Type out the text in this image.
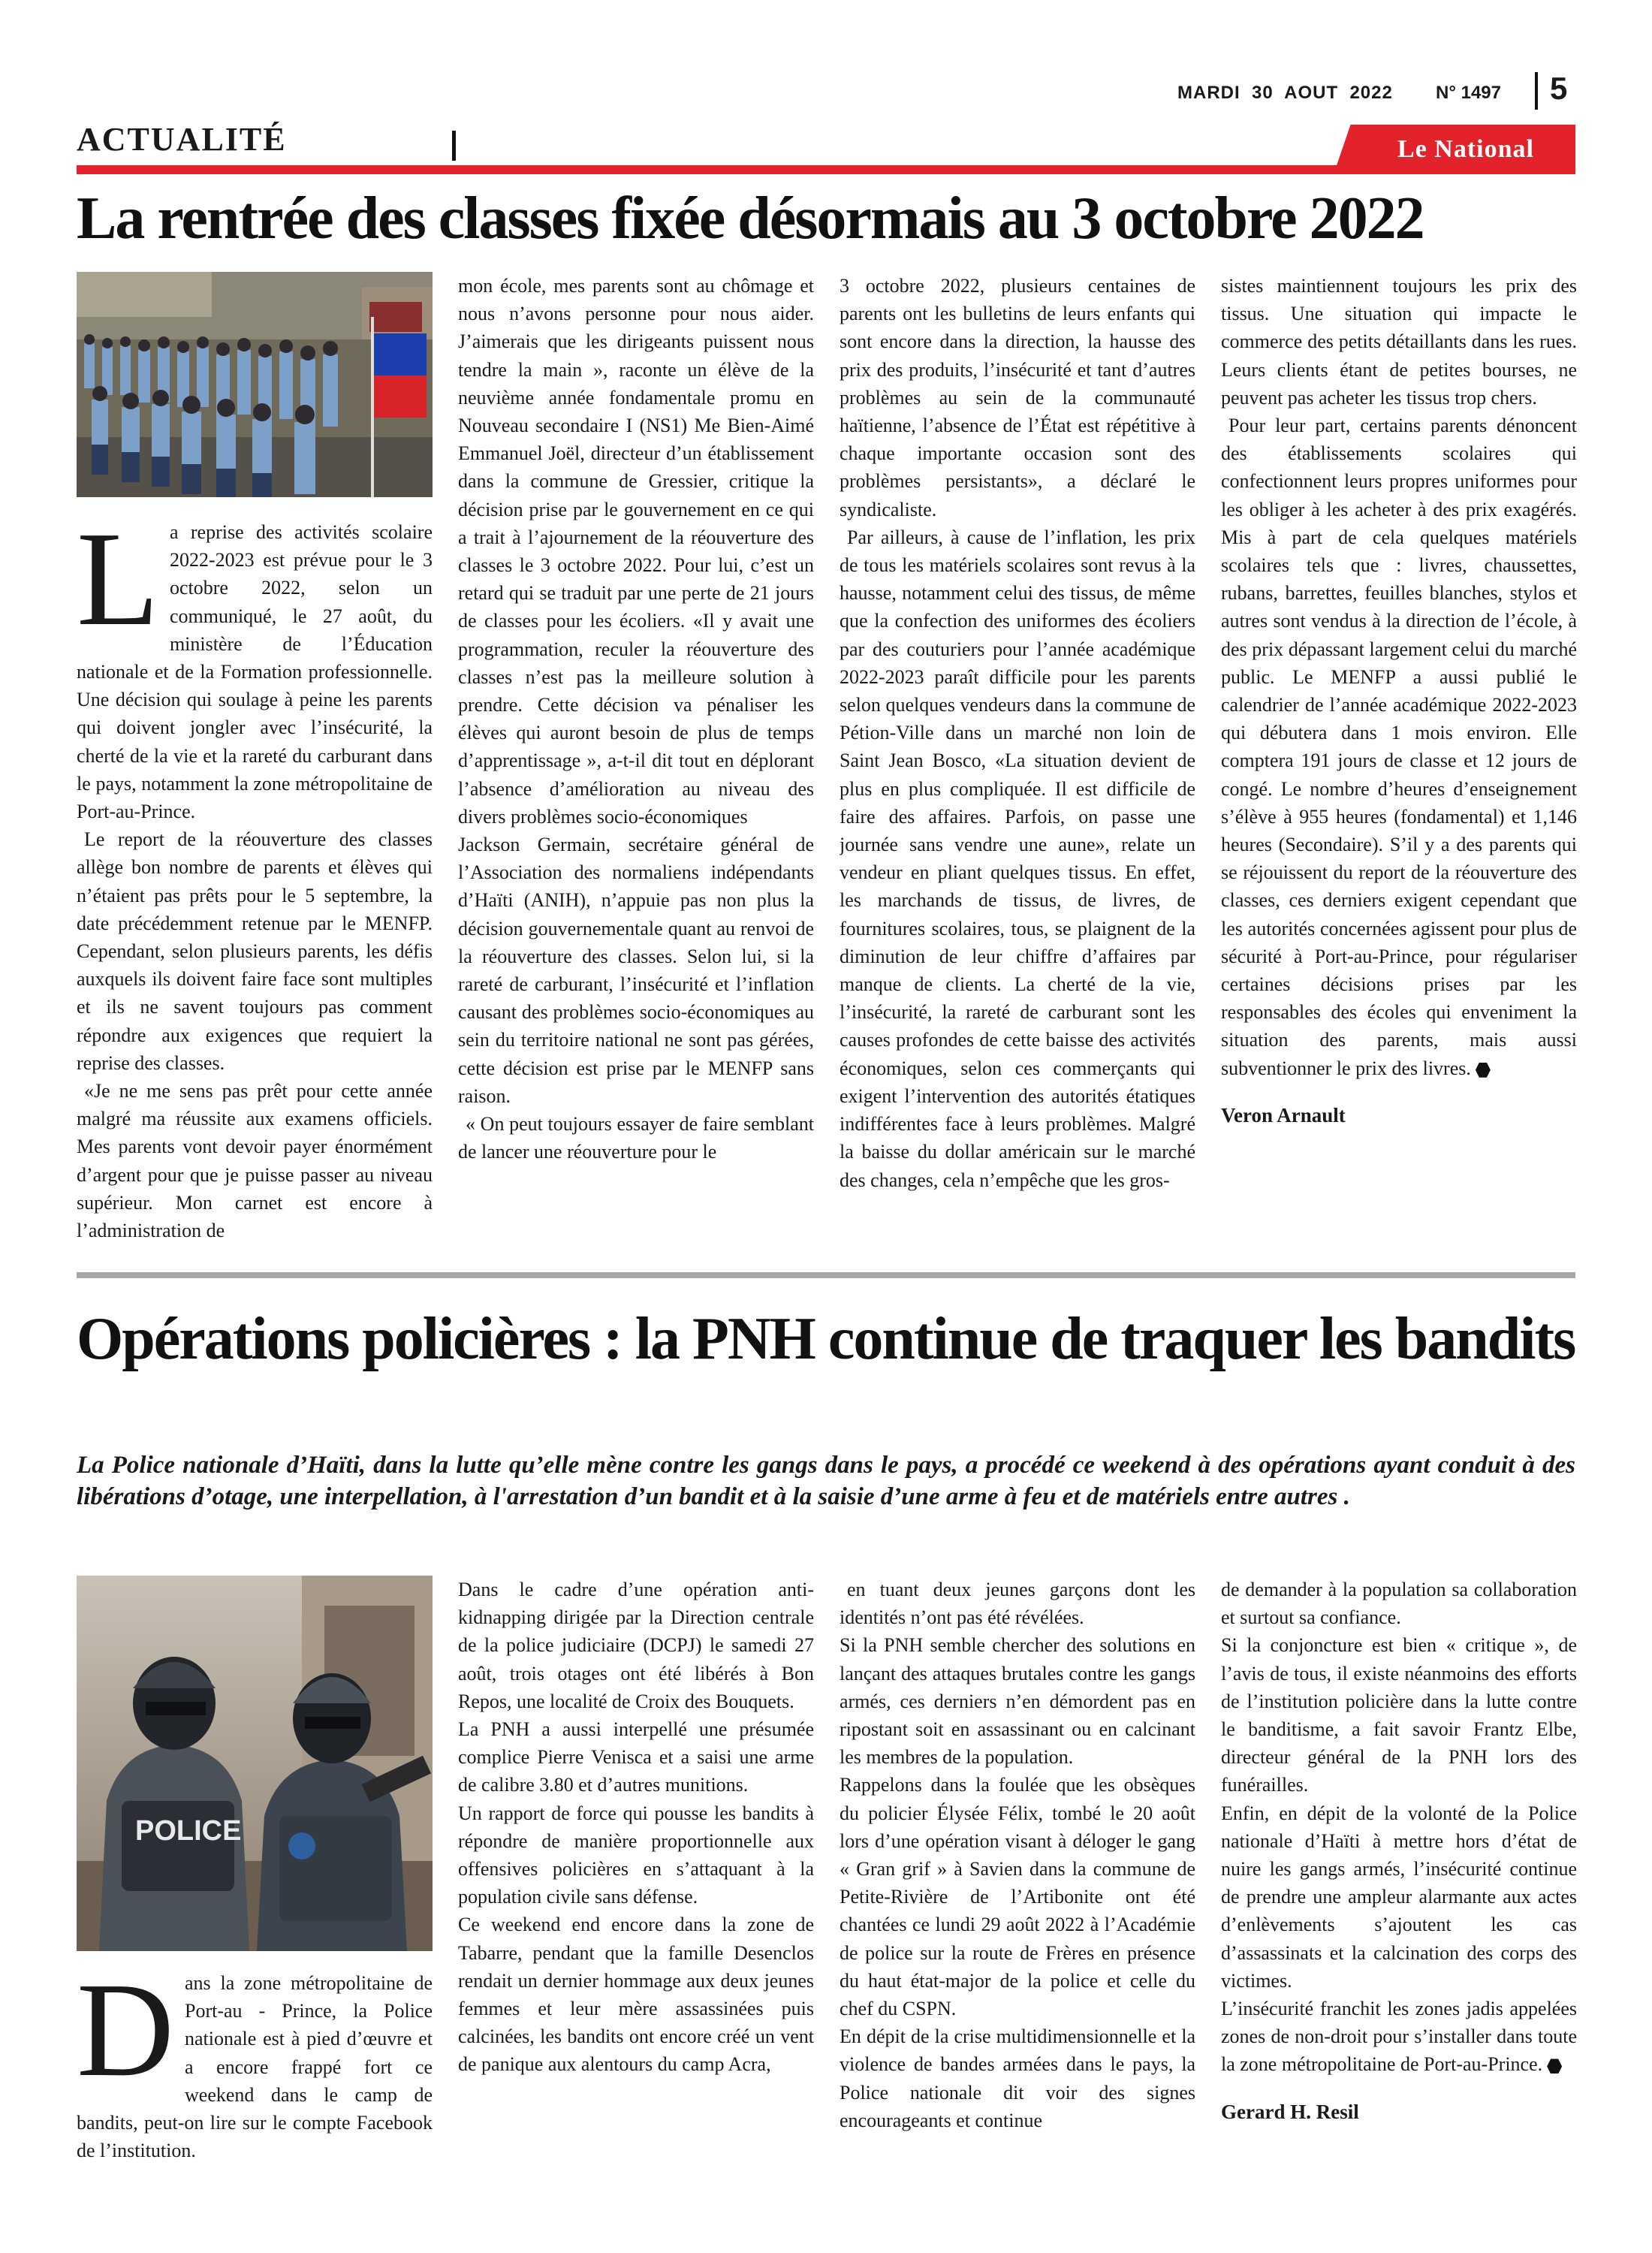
MARDI  30  AOUT  2022 N° 1497 5
ACTUALITÉ	Le National
La rentrée des classes fixée désormais au 3 octobre 2022
L a reprise des activités scolaire 2022-2023 est prévue pour le 3 octobre 2022, selon un communiqué, le 27 août, du ministère de l’Éducation nationale et de la Formation professionnelle. Une décision qui soulage à peine les parents qui doivent jongler avec l’insécurité, la cherté de la vie et la rareté du carburant dans le pays, notamment la zone métropolitaine de Port-au-Prince.

Le report de la réouverture des classes allège bon nombre de parents et élèves qui n’étaient pas prêts pour le 5 septembre, la date précédemment retenue par le MENFP. Cependant, selon plusieurs parents, les défis auxquels ils doivent faire face sont multiples et ils ne savent toujours pas comment répondre aux exigences que requiert la reprise des classes.

«Je ne me sens pas prêt pour cette année malgré ma réussite aux examens officiels. Mes parents vont devoir payer énormément d’argent pour que je puisse passer au niveau supérieur. Mon carnet est encore à l’administration de

mon école, mes parents sont au chômage et nous n’avons personne pour nous aider. J’aimerais que les dirigeants puissent nous tendre la main », raconte un élève de la neuvième année fondamentale promu en Nouveau secondaire I (NS1) Me Bien-Aimé Emmanuel Joël, directeur d’un établissement dans la commune de Gressier, critique la décision prise par le gouvernement en ce qui a trait à l’ajournement de la réouverture des classes le 3 octobre 2022. Pour lui, c’est un retard qui se traduit par une perte de 21 jours de classes pour les écoliers. «Il y avait une programmation, reculer la réouverture des classes n’est pas la meilleure solution à prendre. Cette décision va pénaliser les élèves qui auront besoin de plus de temps d’apprentissage », a-t-il dit tout en déplorant l’absence d’amélioration au niveau des divers problèmes socio-économiques

Jackson Germain, secrétaire général de l’Association des normaliens indépendants d’Haïti (ANIH), n’appuie pas non plus la décision gouvernementale quant au renvoi de la réouverture des classes. Selon lui, si la rareté de carburant, l’insécurité et l’inflation causant des problèmes socio-économiques au sein du territoire national ne sont pas gérées, cette décision est prise par le MENFP sans raison.

« On peut toujours essayer de faire semblant de lancer une réouverture pour le

3 octobre 2022, plusieurs centaines de parents ont les bulletins de leurs enfants qui sont encore dans la direction, la hausse des prix des produits, l’insécurité et tant d’autres problèmes au sein de la communauté haïtienne, l’absence de l’État est répétitive à chaque importante occasion sont des problèmes persistants», a déclaré le syndicaliste.

Par ailleurs, à cause de l’inflation, les prix de tous les matériels scolaires sont revus à la hausse, notamment celui des tissus, de même que la confection des uniformes des écoliers par des couturiers pour l’année académique 2022-2023 paraît difficile pour les parents selon quelques vendeurs dans la commune de Pétion-Ville dans un marché non loin de Saint Jean Bosco, «La situation devient de plus en plus compliquée. Il est difficile de faire des affaires. Parfois, on passe une journée sans vendre une aune», relate un vendeur en pliant quelques tissus. En effet, les marchands de tissus, de livres, de fournitures scolaires, tous, se plaignent de la diminution de leur chiffre d’affaires par manque de clients. La cherté de la vie, l’insécurité, la rareté de carburant sont les causes profondes de cette baisse des activités économiques, selon ces commerçants qui exigent l’intervention des autorités étatiques indifférentes face à leurs problèmes. Malgré la baisse du dollar américain sur le marché des changes, cela n’empêche que les gros-

sistes maintiennent toujours les prix des tissus. Une situation qui impacte le commerce des petits détaillants dans les rues. Leurs clients étant de petites bourses, ne peuvent pas acheter les tissus trop chers.

Pour leur part, certains parents dénoncent des établissements scolaires qui confectionnent leurs propres uniformes pour les obliger à les acheter à des prix exagérés. Mis à part de cela quelques matériels scolaires tels que : livres, chaussettes, rubans, barrettes, feuilles blanches, stylos et autres sont vendus à la direction de l’école, à des prix dépassant largement celui du marché public. Le MENFP a aussi publié le calendrier de l’année académique 2022-2023 qui débutera dans 1 mois environ. Elle comptera 191 jours de classe et 12 jours de congé. Le nombre d’heures d’enseignement s’élève à 955 heures (fondamental) et 1,146 heures (Secondaire). S’il y a des parents qui se réjouissent du report de la réouverture des classes, ces derniers exigent cependant que les autorités concernées agissent pour plus de sécurité à Port-au-Prince, pour régulariser certaines décisions prises par les responsables des écoles qui enveniment la situation des parents, mais aussi subventionner le prix des livres.

Veron Arnault

Opérations policières : la PNH continue de traquer les bandits
La Police nationale d’Haïti, dans la lutte qu’elle mène contre les gangs dans le pays, a procédé ce weekend à des opérations ayant conduit à des libérations d’otage, une interpellation, à l'arrestation d’un bandit et à la saisie d’une arme à feu et de matériels entre autres .
POLICE
D ans la zone métropolitaine de Port-au - Prince, la Police nationale est à pied d’œuvre et a encore frappé fort ce weekend dans le camp de bandits, peut-on lire sur le compte Facebook de l’institution.

Dans le cadre d’une opération anti-kidnapping dirigée par la Direction centrale de la police judiciaire (DCPJ) le samedi 27 août, trois otages ont été libérés à Bon Repos, une localité de Croix des Bouquets.

La PNH a aussi interpellé une présumée complice Pierre Venisca et a saisi une arme de calibre 3.80 et d’autres munitions.

Un rapport de force qui pousse les bandits à répondre de manière proportionnelle aux offensives policières en s’attaquant à la population civile sans défense.

Ce weekend end encore dans la zone de Tabarre, pendant que la famille Desenclos rendait un dernier hommage aux deux jeunes femmes et leur mère assassinées puis calcinées, les bandits ont encore créé un vent de panique aux alentours du camp Acra,

en tuant deux jeunes garçons dont les identités n’ont pas été révélées.

Si la PNH semble chercher des solutions en lançant des attaques brutales contre les gangs armés, ces derniers n’en démordent pas en ripostant soit en assassinant ou en calcinant les membres de la population.

Rappelons dans la foulée que les obsèques du policier Élysée Félix, tombé le 20 août lors d’une opération visant à déloger le gang « Gran grif » à Savien dans la commune de Petite-Rivière de l’Artibonite ont été chantées ce lundi 29 août 2022 à l’Académie de police sur la route de Frères en présence du haut état-major de la police et celle du chef du CSPN.

En dépit de la crise multidimensionnelle et la violence de bandes armées dans le pays, la Police nationale dit voir des signes encourageants et continue

de demander à la population sa collaboration et surtout sa confiance.

Si la conjoncture est bien « critique », de l’avis de tous, il existe néanmoins des efforts de l’institution policière dans la lutte contre le banditisme, a fait savoir Frantz Elbe, directeur général de la PNH lors des funérailles.

Enfin, en dépit de la volonté de la Police nationale d’Haïti à mettre hors d’état de nuire les gangs armés, l’insécurité continue de prendre une ampleur alarmante aux actes d’enlèvements s’ajoutent les cas d’assassinats et la calcination des corps des victimes.

L’insécurité franchit les zones jadis appelées zones de non-droit pour s’installer dans toute la zone métropolitaine de Port-au-Prince.

Gerard H. Resil
